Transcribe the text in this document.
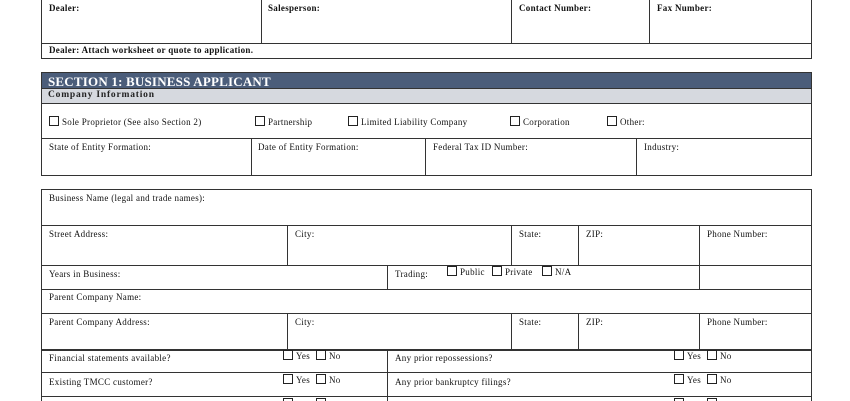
Dealer:	Salesperson:	Contact Number:	Fax Number:
Dealer: Attach worksheet or quote to application.
SECTION 1: BUSINESS APPLICANT
Company Information
Sole Proprietor (See also Section 2)	Partnership	Limited Liability Company	Corporation	Other:
State of Entity Formation:	Date of Entity Formation:	Federal Tax ID Number:	Industry:
Business Name (legal and trade names):
Street Address:	City:	State:	ZIP:	Phone Number:
Years in Business:	Trading:	Public	Private	N/A
Parent Company Name:
Parent Company Address:	City:	State:	ZIP:	Phone Number:
Financial statements available?	Yes	No	Any prior repossessions?	Yes	No
Existing TMCC customer?	Yes	No	Any prior bankruptcy filings?	Yes	No
